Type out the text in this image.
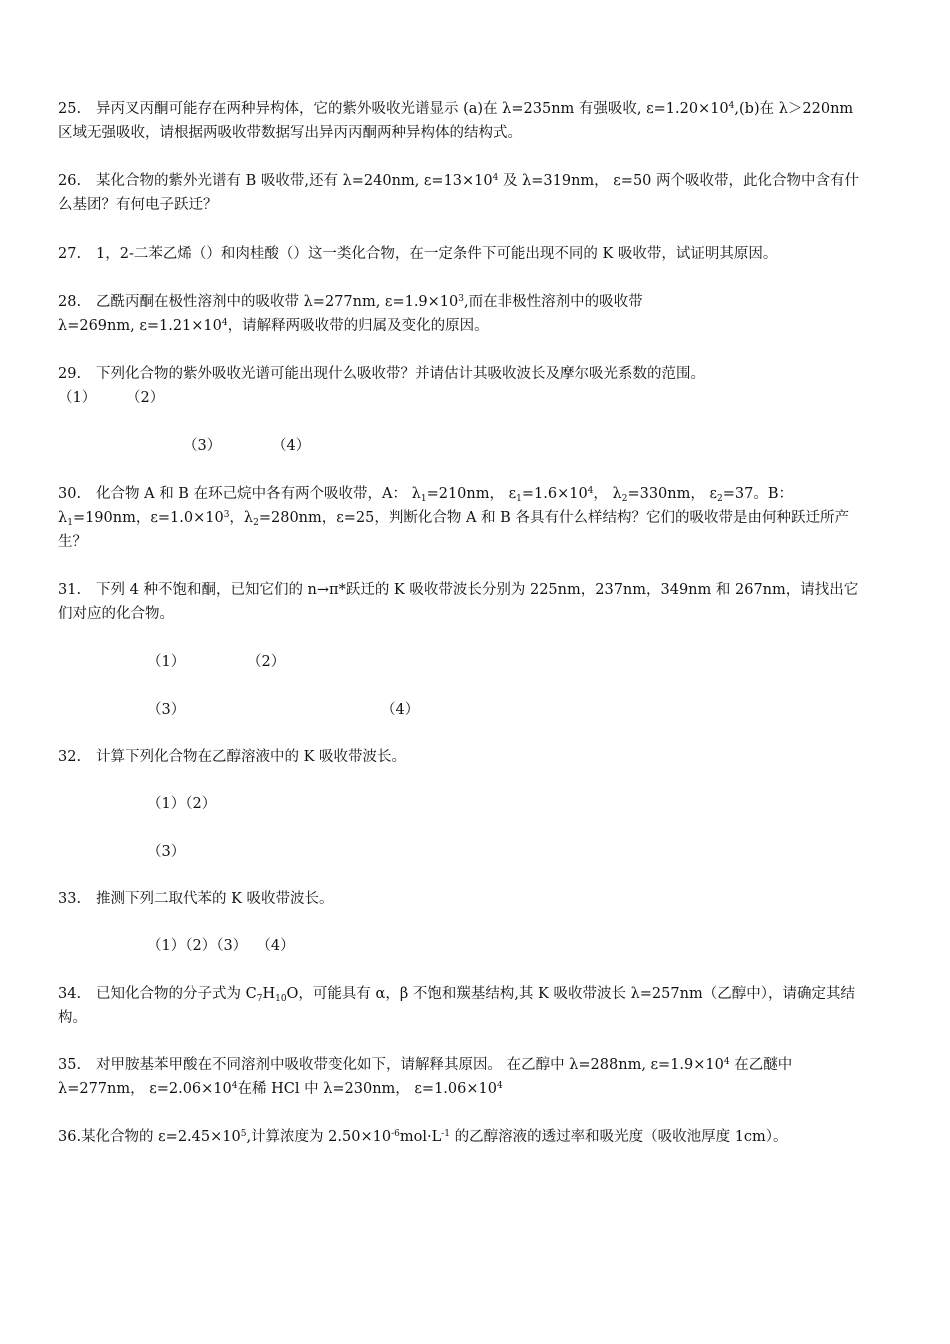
25. 异丙叉丙酮可能存在两种异构体，它的紫外吸收光谱显示 (a)在 λ=235nm 有强吸收, $\varepsilon=1.20\times 10^4,(b)$在 λ＞220nm 区域无强吸收，请根据两吸收带数据写出异丙丙酮两种异构体的结构式。

26. 某化合物的紫外光谱有 B 吸收带,还有 λ=240nm, $\varepsilon=13\times 10^4$ 及 λ=319nm， ε=50 两个吸收带，此化合物中含有什么基团？有何电子跃迁？

27. 1，2-二苯乙烯（）和肉桂酸（）这一类化合物，在一定条件下可能出现不同的 K 吸收带，试证明其原因。

28. 乙酰丙酮在极性溶剂中的吸收带 λ=277nm, $\varepsilon=1.9\times 10^3$,而在非极性溶剂中的吸收带
λ=269nm, $\varepsilon=1.21\times 10^4$，请解释两吸收带的归属及变化的原因。

29. 下列化合物的紫外吸收光谱可能出现什么吸收带？并请估计其吸收波长及摩尔吸光系数的范围。

（1） （2）

（3）	（4）

30. 化合物 A 和 B 在环己烷中各有两个吸收带，A： $\lambda_1=210nm$， $\varepsilon_1=1.6\times 10^4$， $\lambda_2=330nm$， $\varepsilon_2=37$。B：
$\lambda_1=190nm$，$\varepsilon=1.0\times 10^3$，$\lambda_2=280nm$，ε=25，判断化合物 A 和 B 各具有什么样结构？它们的吸收带是由何种跃迁所产生？

31. 下列 4 种不饱和酮，已知它们的 n→π*跃迁的 K 吸收带波长分别为 225nm，237nm，349nm 和 267nm，请找出它们对应的化合物。

（1）	（2）

（3）	（4）

32. 计算下列化合物在乙醇溶液中的 K 吸收带波长。

（1）（2）

（3）

33. 推测下列二取代苯的 K 吸收带波长。

（1）（2）（3）  （4）

34. 已知化合物的分子式为 $C_7H_{10}O$，可能具有 α，β 不饱和羰基结构,其 K 吸收带波长 λ=257nm（乙醇中），请确定其结构。

35. 对甲胺基苯甲酸在不同溶剂中吸收带变化如下，请解释其原因。 在乙醇中 λ=288nm, $\varepsilon=1.9\times 10^4$ 在乙醚中 λ=277nm， $\varepsilon=2.06\times 10^4$在稀 HCl 中 λ=230nm， $\varepsilon=1.06\times 10^4$

36.某化合物的 $\varepsilon=2.45\times 10^5$,计算浓度为 $2.50\times 10^{-6}mol\cdot L^{-1}$ 的乙醇溶液的透过率和吸光度（吸收池厚度 1cm）。
